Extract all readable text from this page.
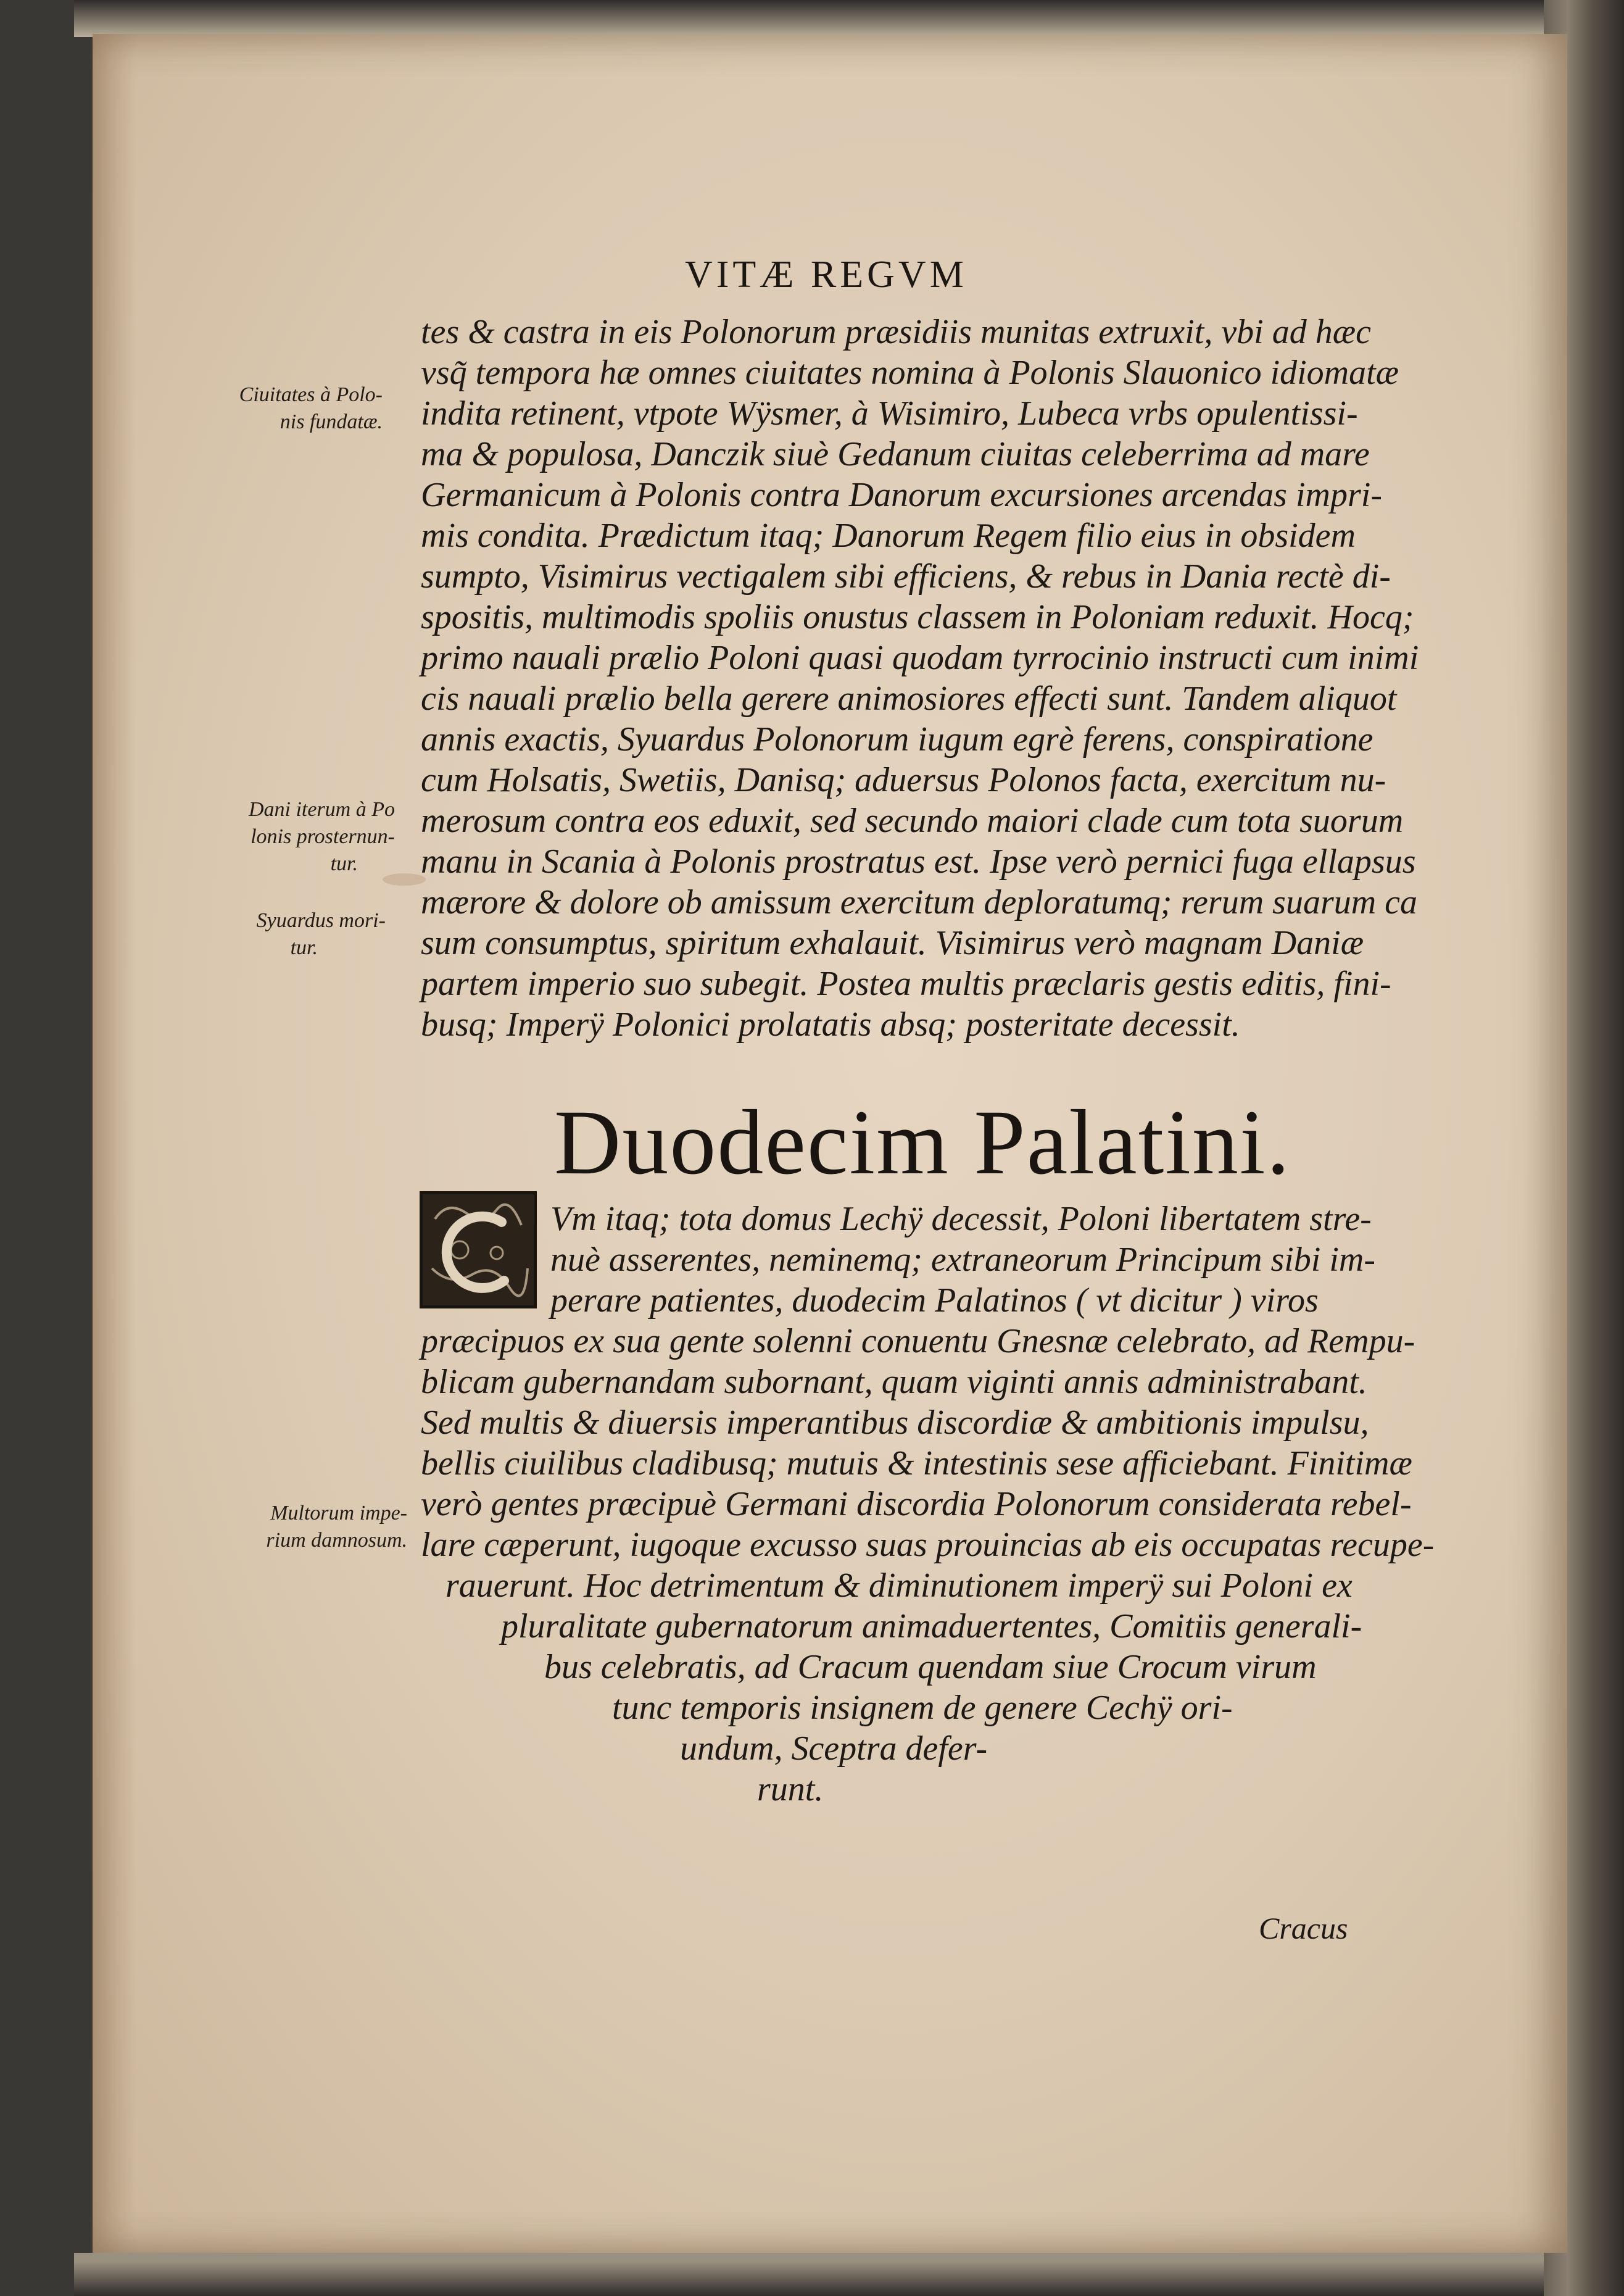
VITÆ REGVM
Ciuitates à Polo-
nis fundatæ.
Dani iterum à Po
lonis prosternun-
tur.
Syuardus mori-
tur.
Multorum impe-
rium damnosum.
tes & castra in eis Polonorum præsidiis munitas extruxit, vbi ad hæc
vsq̃ tempora hæ omnes ciuitates nomina à Polonis Slauonico idiomatæ
indita retinent, vtpote Wÿsmer, à Wisimiro, Lubeca vrbs opulentissi-
ma & populosa, Danczik siuè Gedanum ciuitas celeberrima ad mare
Germanicum à Polonis contra Danorum excursiones arcendas impri-
mis condita. Prædictum itaq; Danorum Regem filio eius in obsidem
sumpto, Visimirus vectigalem sibi efficiens, & rebus in Dania rectè di-
spositis, multimodis spoliis onustus classem in Poloniam reduxit. Hocq;
primo nauali prælio Poloni quasi quodam tyrrocinio instructi cum inimi
cis nauali prælio bella gerere animosiores effecti sunt. Tandem aliquot
annis exactis, Syuardus Polonorum iugum egrè ferens, conspiratione
cum Holsatis, Swetiis, Danisq; aduersus Polonos facta, exercitum nu-
merosum contra eos eduxit, sed secundo maiori clade cum tota suorum
manu in Scania à Polonis prostratus est. Ipse verò pernici fuga ellapsus
mærore & dolore ob amissum exercitum deploratumq; rerum suarum ca
sum consumptus, spiritum exhalauit. Visimirus verò magnam Daniæ
partem imperio suo subegit. Postea multis præclaris gestis editis, fini-
busq; Imperÿ Polonici prolatatis absq; posteritate decessit.
Duodecim Palatini.
Vm itaq; tota domus Lechÿ decessit, Poloni libertatem stre-
nuè asserentes, neminemq; extraneorum Principum sibi im-
perare patientes, duodecim Palatinos ( vt dicitur ) viros
præcipuos ex sua gente solenni conuentu Gnesnæ celebrato, ad Rempu-
blicam gubernandam subornant, quam viginti annis administrabant.
Sed multis & diuersis imperantibus discordiæ & ambitionis impulsu,
bellis ciuilibus cladibusq; mutuis & intestinis sese afficiebant. Finitimæ
verò gentes præcipuè Germani discordia Polonorum considerata rebel-
lare cæperunt, iugoque excusso suas prouincias ab eis occupatas recupe-
rauerunt. Hoc detrimentum & diminutionem imperÿ sui Poloni ex
pluralitate gubernatorum animaduertentes, Comitiis generali-
bus celebratis, ad Cracum quendam siue Crocum virum
tunc temporis insignem de genere Cechÿ ori-
undum, Sceptra defer-
runt.
Cracus
